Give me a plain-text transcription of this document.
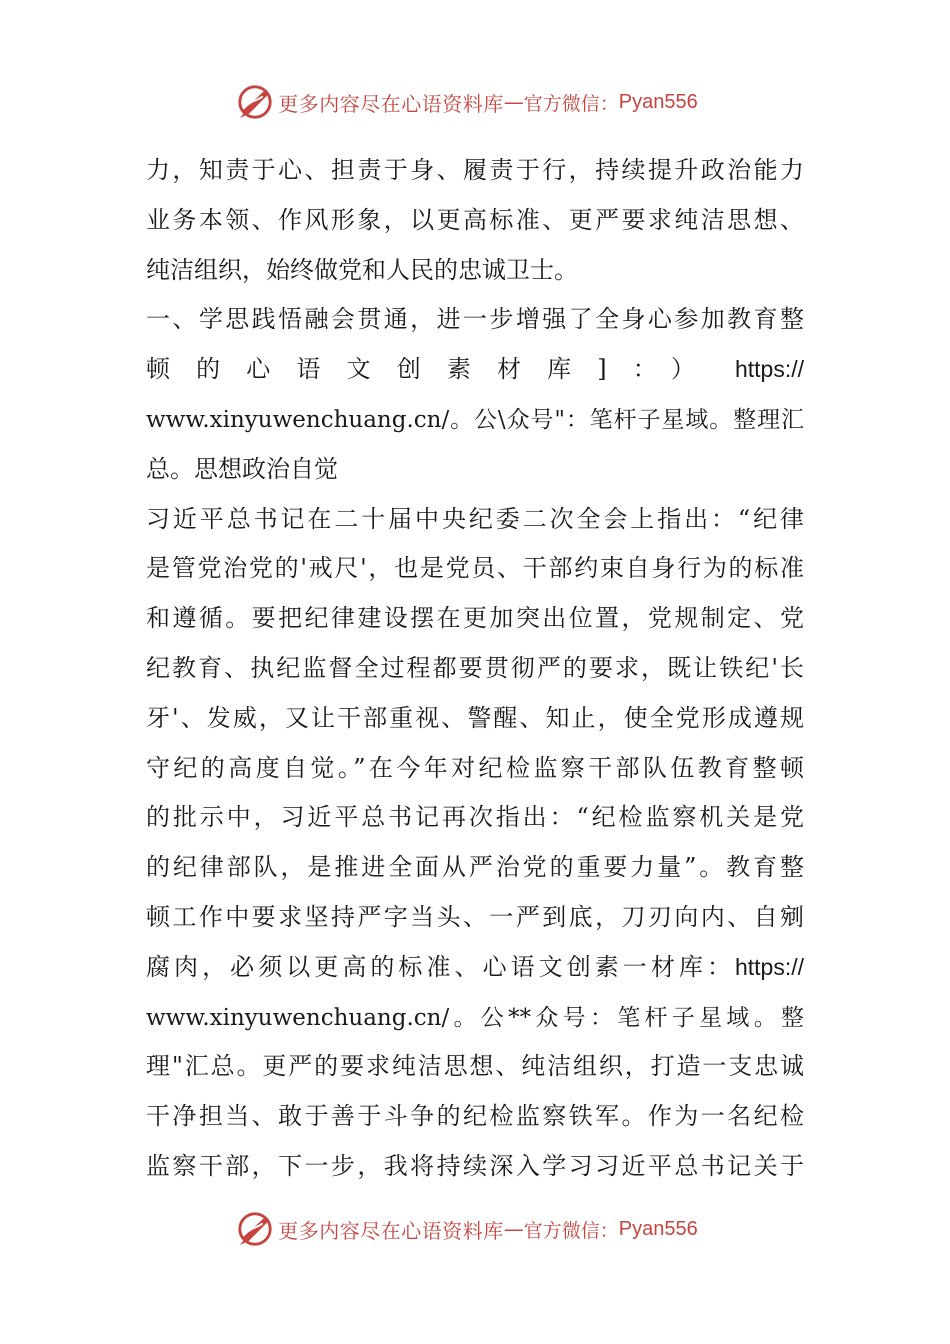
更多内容尽在心语资料库 — 官方微信： Pyan556
力，知责于心、担责于身、履责于行，持续提升政治能力
业务本领、作风形象，以更高标准、更严要求纯洁思想、
纯洁组织，始终做党和人民的忠诚卫士。
一、学思践悟融会贯通，进一步增强了全身心参加教育整
顿的心语文创素材库]：） https://
www.xinyuwenchuang.cn/。公\众号"：笔杆子星域。整理汇
总。思想政治自觉
习近平总书记在二十届中央纪委二次全会上指出：“纪律
是管党治党的'戒尺'，也是党员、干部约束自身行为的标准
和遵循。要把纪律建设摆在更加突出位置，党规制定、党
纪教育、执纪监督全过程都要贯彻严的要求，既让铁纪'长
牙'、发威，又让干部重视、警醒、知止，使全党形成遵规
守纪的高度自觉。”在今年对纪检监察干部队伍教育整顿
的批示中，习近平总书记再次指出：“纪检监察机关是党
的纪律部队，是推进全面从严治党的重要力量”。教育整
顿工作中要求坚持严字当头、一严到底，刀刃向内、自剜
腐肉，必须以更高的标准、心语文创素一材库： https://
www.xinyuwenchuang.cn/。公**众号：笔杆子星域。整
理"汇总。更严的要求纯洁思想、纯洁组织，打造一支忠诚
干净担当、敢于善于斗争的纪检监察铁军。作为一名纪检
监察干部，下一步，我将持续深入学习习近平总书记关于
更多内容尽在心语资料库 — 官方微信： Pyan556
